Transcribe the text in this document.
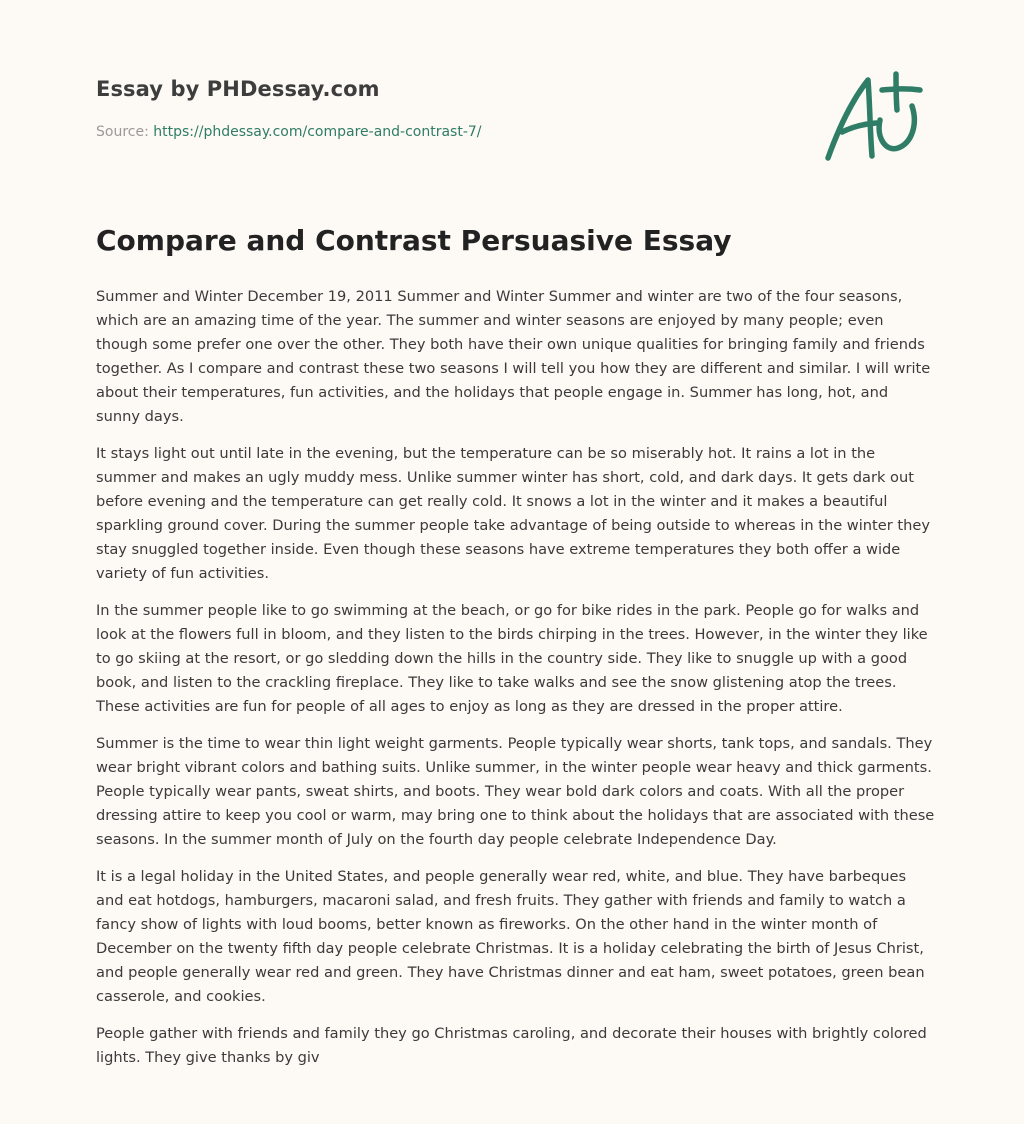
Essay by PHDessay.com

Source: https://phdessay.com/compare-and-contrast-7/

Compare and Contrast Persuasive Essay

Summer and Winter December 19, 2011 Summer and Winter Summer and winter are two of the four seasons, which are an amazing time of the year. The summer and winter seasons are enjoyed by many people; even though some prefer one over the other. They both have their own unique qualities for bringing family and friends together. As I compare and contrast these two seasons I will tell you how they are different and similar. I will write about their temperatures, fun activities, and the holidays that people engage in. Summer has long, hot, and sunny days.

It stays light out until late in the evening, but the temperature can be so miserably hot. It rains a lot in the summer and makes an ugly muddy mess. Unlike summer winter has short, cold, and dark days. It gets dark out before evening and the temperature can get really cold. It snows a lot in the winter and it makes a beautiful sparkling ground cover. During the summer people take advantage of being outside to whereas in the winter they stay snuggled together inside. Even though these seasons have extreme temperatures they both offer a wide variety of fun activities.

In the summer people like to go swimming at the beach, or go for bike rides in the park. People go for walks and look at the flowers full in bloom, and they listen to the birds chirping in the trees. However, in the winter they like to go skiing at the resort, or go sledding down the hills in the country side. They like to snuggle up with a good book, and listen to the crackling fireplace. They like to take walks and see the snow glistening atop the trees. These activities are fun for people of all ages to enjoy as long as they are dressed in the proper attire.

Summer is the time to wear thin light weight garments. People typically wear shorts, tank tops, and sandals. They wear bright vibrant colors and bathing suits. Unlike summer, in the winter people wear heavy and thick garments. People typically wear pants, sweat shirts, and boots. They wear bold dark colors and coats. With all the proper dressing attire to keep you cool or warm, may bring one to think about the holidays that are associated with these seasons. In the summer month of July on the fourth day people celebrate Independence Day.

It is a legal holiday in the United States, and people generally wear red, white, and blue. They have barbeques and eat hotdogs, hamburgers, macaroni salad, and fresh fruits. They gather with friends and family to watch a fancy show of lights with loud booms, better known as fireworks. On the other hand in the winter month of December on the twenty fifth day people celebrate Christmas. It is a holiday celebrating the birth of Jesus Christ, and people generally wear red and green. They have Christmas dinner and eat ham, sweet potatoes, green bean casserole, and cookies.

People gather with friends and family they go Christmas caroling, and decorate their houses with brightly colored lights. They give thanks by giv
